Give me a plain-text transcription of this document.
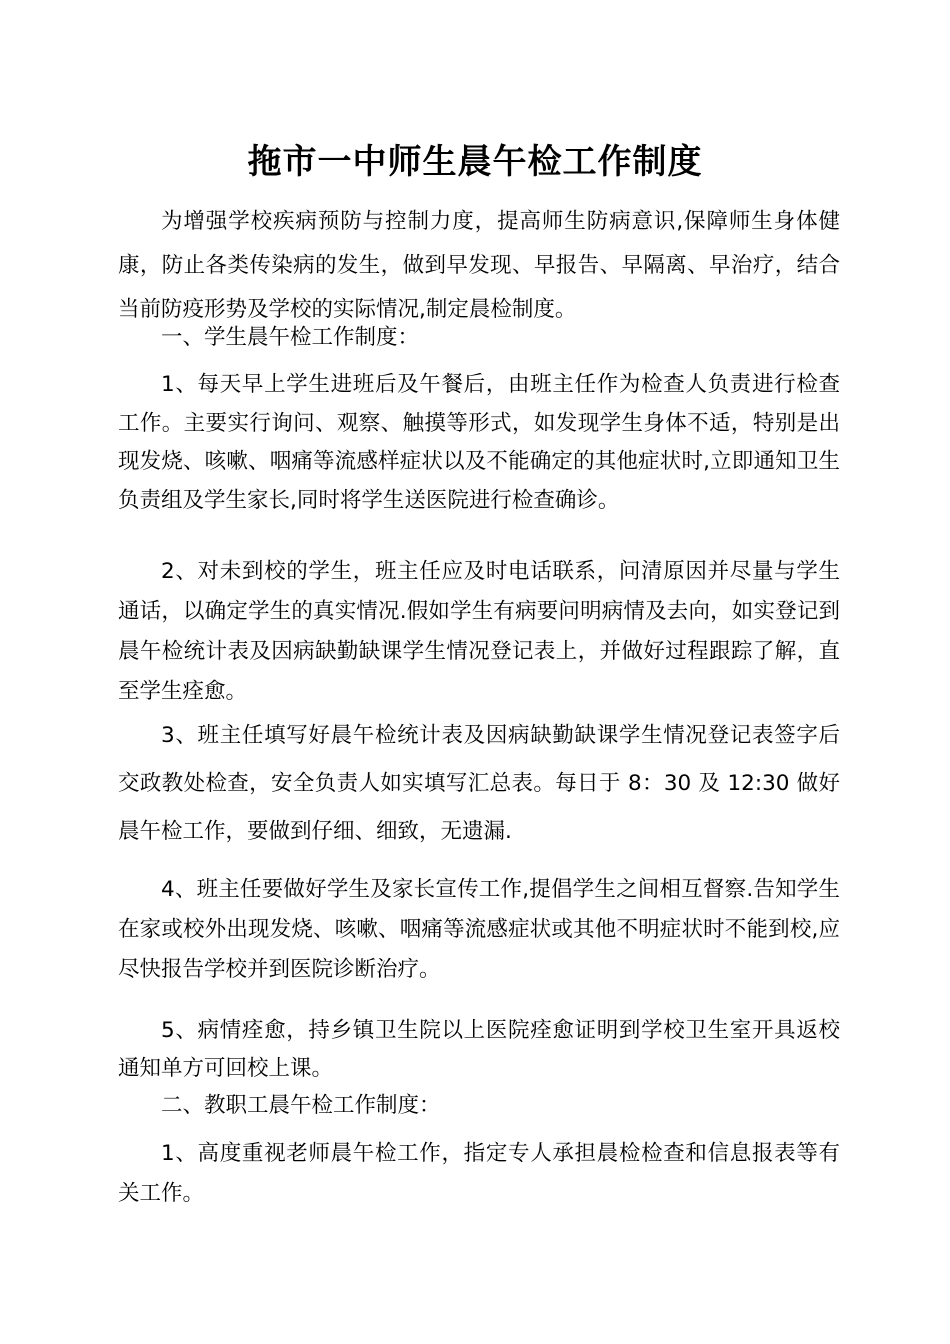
拖市一中师生晨午检工作制度

为增强学校疾病预防与控制力度，提高师生防病意识,保障师生身体健康，防止各类传染病的发生，做到早发现、早报告、早隔离、早治疗，结合当前防疫形势及学校的实际情况,制定晨检制度。

一、学生晨午检工作制度：

1、每天早上学生进班后及午餐后，由班主任作为检查人负责进行检查工作。主要实行询问、观察、触摸等形式，如发现学生身体不适，特别是出现发烧、咳嗽、咽痛等流感样症状以及不能确定的其他症状时,立即通知卫生负责组及学生家长,同时将学生送医院进行检查确诊。

2、对未到校的学生，班主任应及时电话联系，问清原因并尽量与学生通话，以确定学生的真实情况.假如学生有病要问明病情及去向，如实登记到晨午检统计表及因病缺勤缺课学生情况登记表上，并做好过程跟踪了解，直至学生痊愈。

3、班主任填写好晨午检统计表及因病缺勤缺课学生情况登记表签字后交政教处检查，安全负责人如实填写汇总表。每日于 8：30 及 12:30 做好晨午检工作，要做到仔细、细致，无遗漏.

4、班主任要做好学生及家长宣传工作,提倡学生之间相互督察.告知学生在家或校外出现发烧、咳嗽、咽痛等流感症状或其他不明症状时不能到校,应尽快报告学校并到医院诊断治疗。

5、病情痊愈，持乡镇卫生院以上医院痊愈证明到学校卫生室开具返校通知单方可回校上课。

二、教职工晨午检工作制度：

1、高度重视老师晨午检工作，指定专人承担晨检检查和信息报表等有关工作。
